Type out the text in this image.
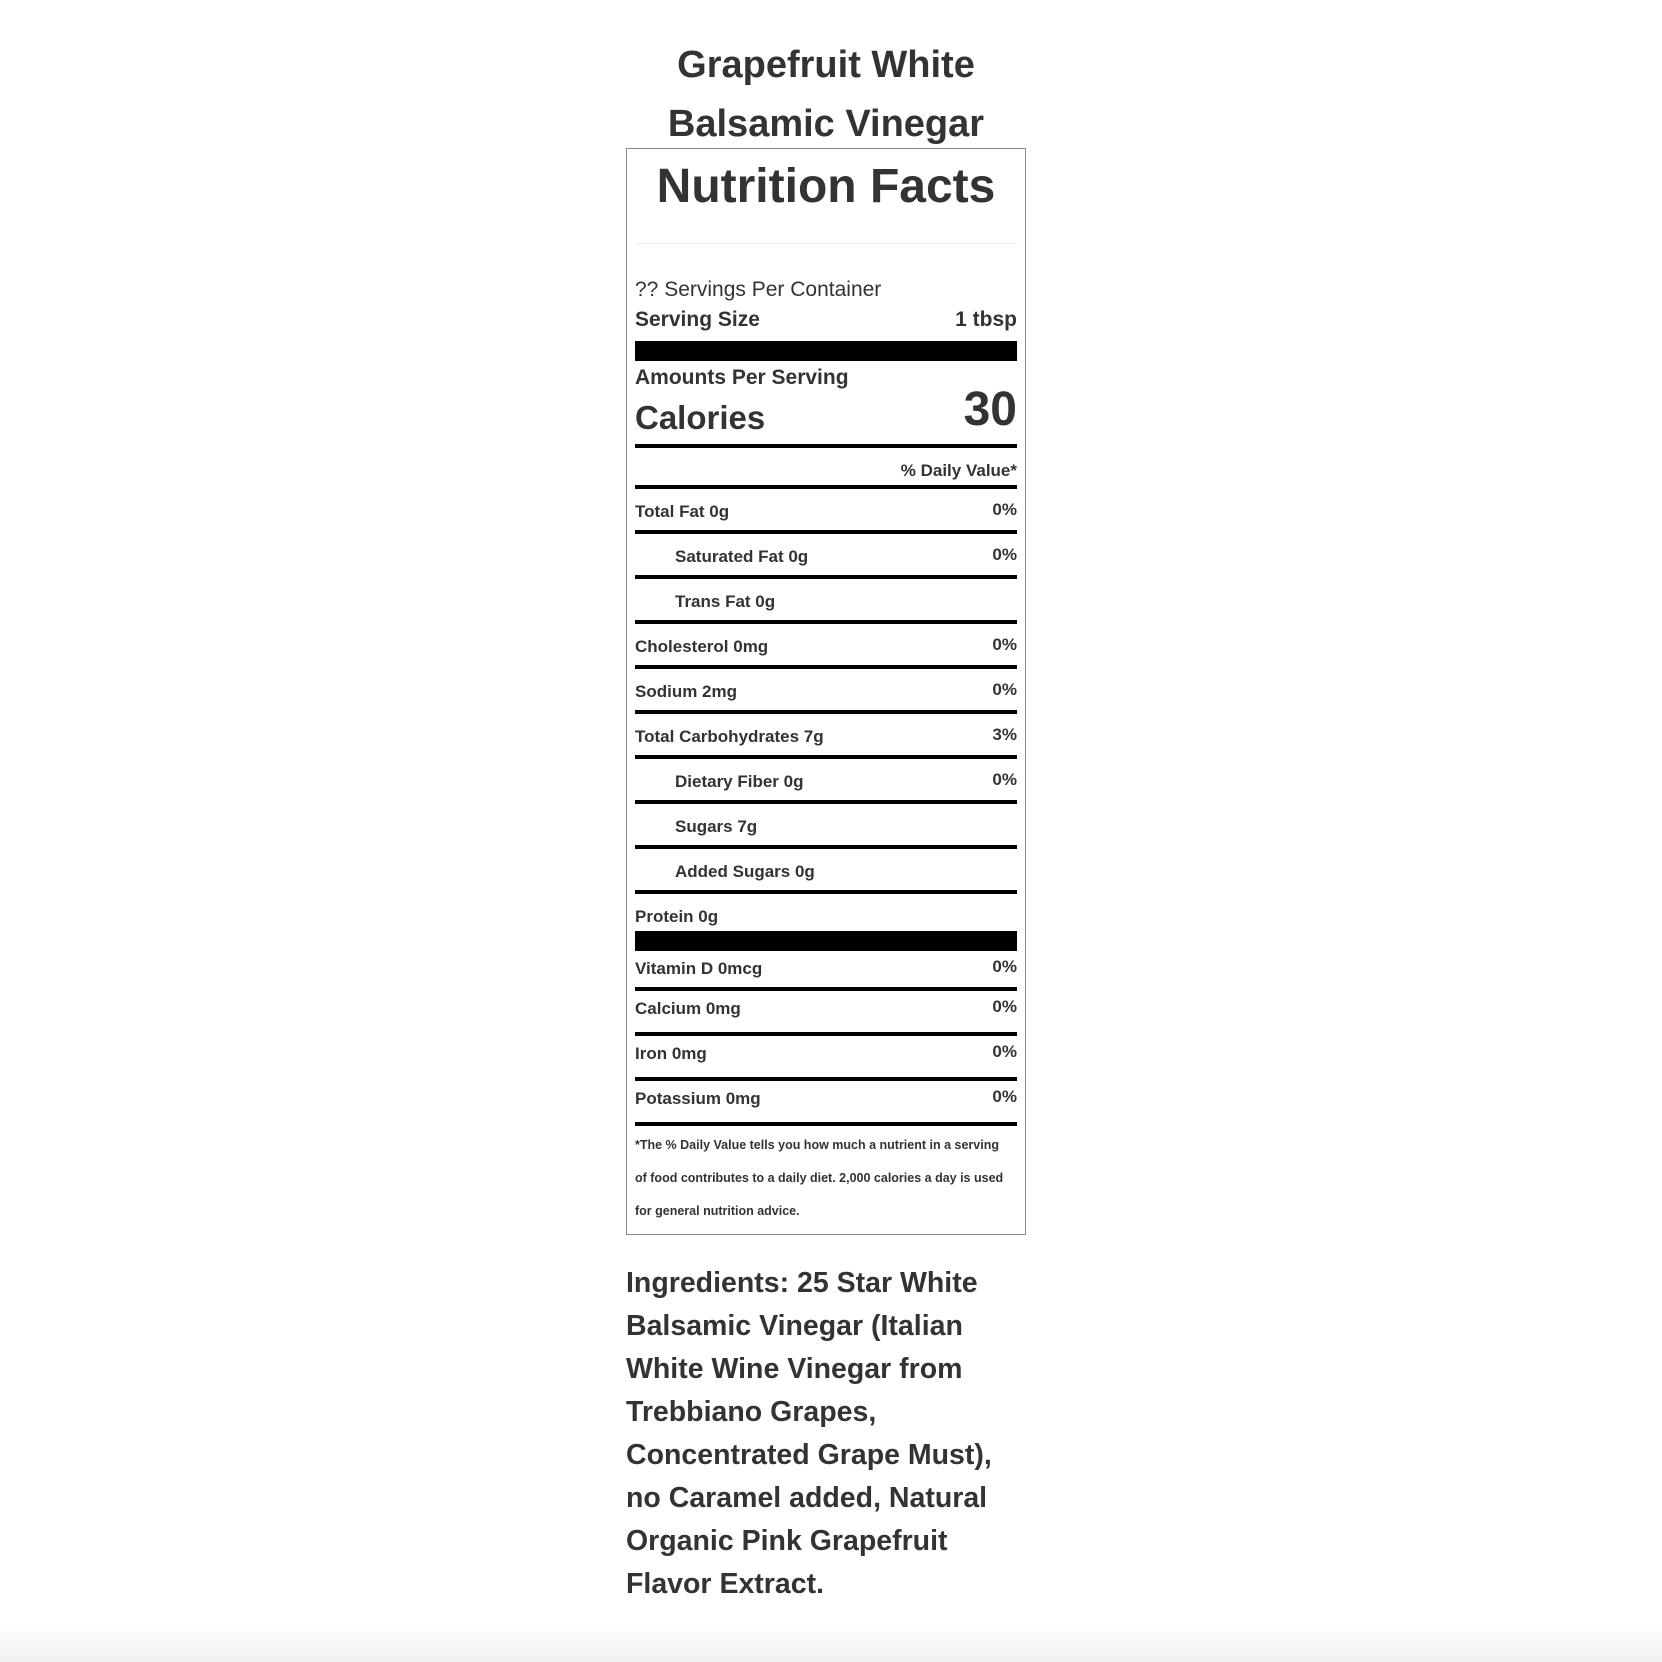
Grapefruit White
Balsamic Vinegar
Nutrition Facts
?? Servings Per Container
Serving Size	1 tbsp
Amounts Per Serving
Calories	30
% Daily Value*
Total Fat 0g	0%
Saturated Fat 0g	0%
Trans Fat 0g
Cholesterol 0mg	0%
Sodium 2mg	0%
Total Carbohydrates 7g	3%
Dietary Fiber 0g	0%
Sugars 7g
Added Sugars 0g
Protein 0g
Vitamin D 0mcg	0%
Calcium 0mg	0%
Iron 0mg	0%
Potassium 0mg	0%
*The % Daily Value tells you how much a nutrient in a serving
of food contributes to a daily diet. 2,000 calories a day is used
for general nutrition advice.
Ingredients: 25 Star White
Balsamic Vinegar (Italian
White Wine Vinegar from
Trebbiano Grapes,
Concentrated Grape Must),
no Caramel added, Natural
Organic Pink Grapefruit
Flavor Extract.
